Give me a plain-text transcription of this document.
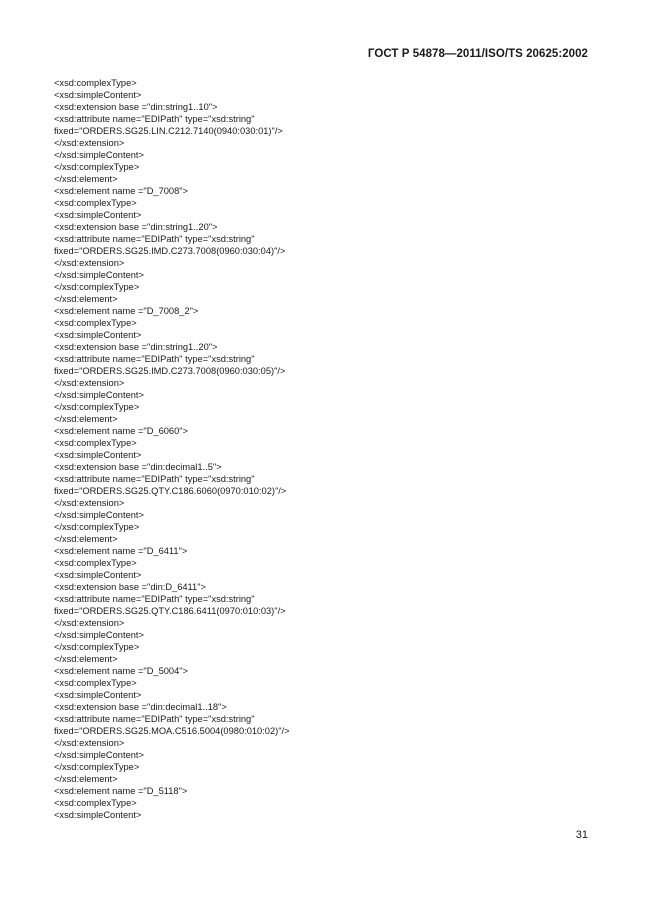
ГОСТ Р 54878—2011/ISO/TS 20625:2002
<xsd:complexType>
<xsd:simpleContent>
<xsd:extension base ="din:string1..10">
<xsd:attribute name="EDIPath" type="xsd:string"
fixed="ORDERS.SG25.LIN.C212.7140(0940:030:01)"/>
</xsd:extension>
</xsd:simpleContent>
</xsd:complexType>
</xsd:element>
<xsd:element name ="D_7008">
<xsd:complexType>
<xsd:simpleContent>
<xsd:extension base ="din:string1..20">
<xsd:attribute name="EDIPath" type="xsd:string"
fixed="ORDERS.SG25.IMD.C273.7008(0960:030:04)"/>
</xsd:extension>
</xsd:simpleContent>
</xsd:complexType>
</xsd:element>
<xsd:element name ="D_7008_2">
<xsd:complexType>
<xsd:simpleContent>
<xsd:extension base ="din:string1..20">
<xsd:attribute name="EDIPath" type="xsd:string"
fixed="ORDERS.SG25.IMD.C273.7008(0960:030:05)"/>
</xsd:extension>
</xsd:simpleContent>
</xsd:complexType>
</xsd:element>
<xsd:element name ="D_6060">
<xsd:complexType>
<xsd:simpleContent>
<xsd:extension base ="din:decimal1..5">
<xsd:attribute name="EDIPath" type="xsd:string"
fixed="ORDERS.SG25.QTY.C186.6060(0970:010:02)"/>
</xsd:extension>
</xsd:simpleContent>
</xsd:complexType>
</xsd:element>
<xsd:element name ="D_6411">
<xsd:complexType>
<xsd:simpleContent>
<xsd:extension base ="din:D_6411">
<xsd:attribute name="EDIPath" type="xsd:string"
fixed="ORDERS.SG25.QTY.C186.6411(0970:010:03)"/>
</xsd:extension>
</xsd:simpleContent>
</xsd:complexType>
</xsd:element>
<xsd:element name ="D_5004">
<xsd:complexType>
<xsd:simpleContent>
<xsd:extension base ="din:decimal1..18">
<xsd:attribute name="EDIPath" type="xsd:string"
fixed="ORDERS.SG25.MOA.C516.5004(0980:010:02)"/>
</xsd:extension>
</xsd:simpleContent>
</xsd:complexType>
</xsd:element>
<xsd:element name ="D_5118">
<xsd:complexType>
<xsd:simpleContent>
31
